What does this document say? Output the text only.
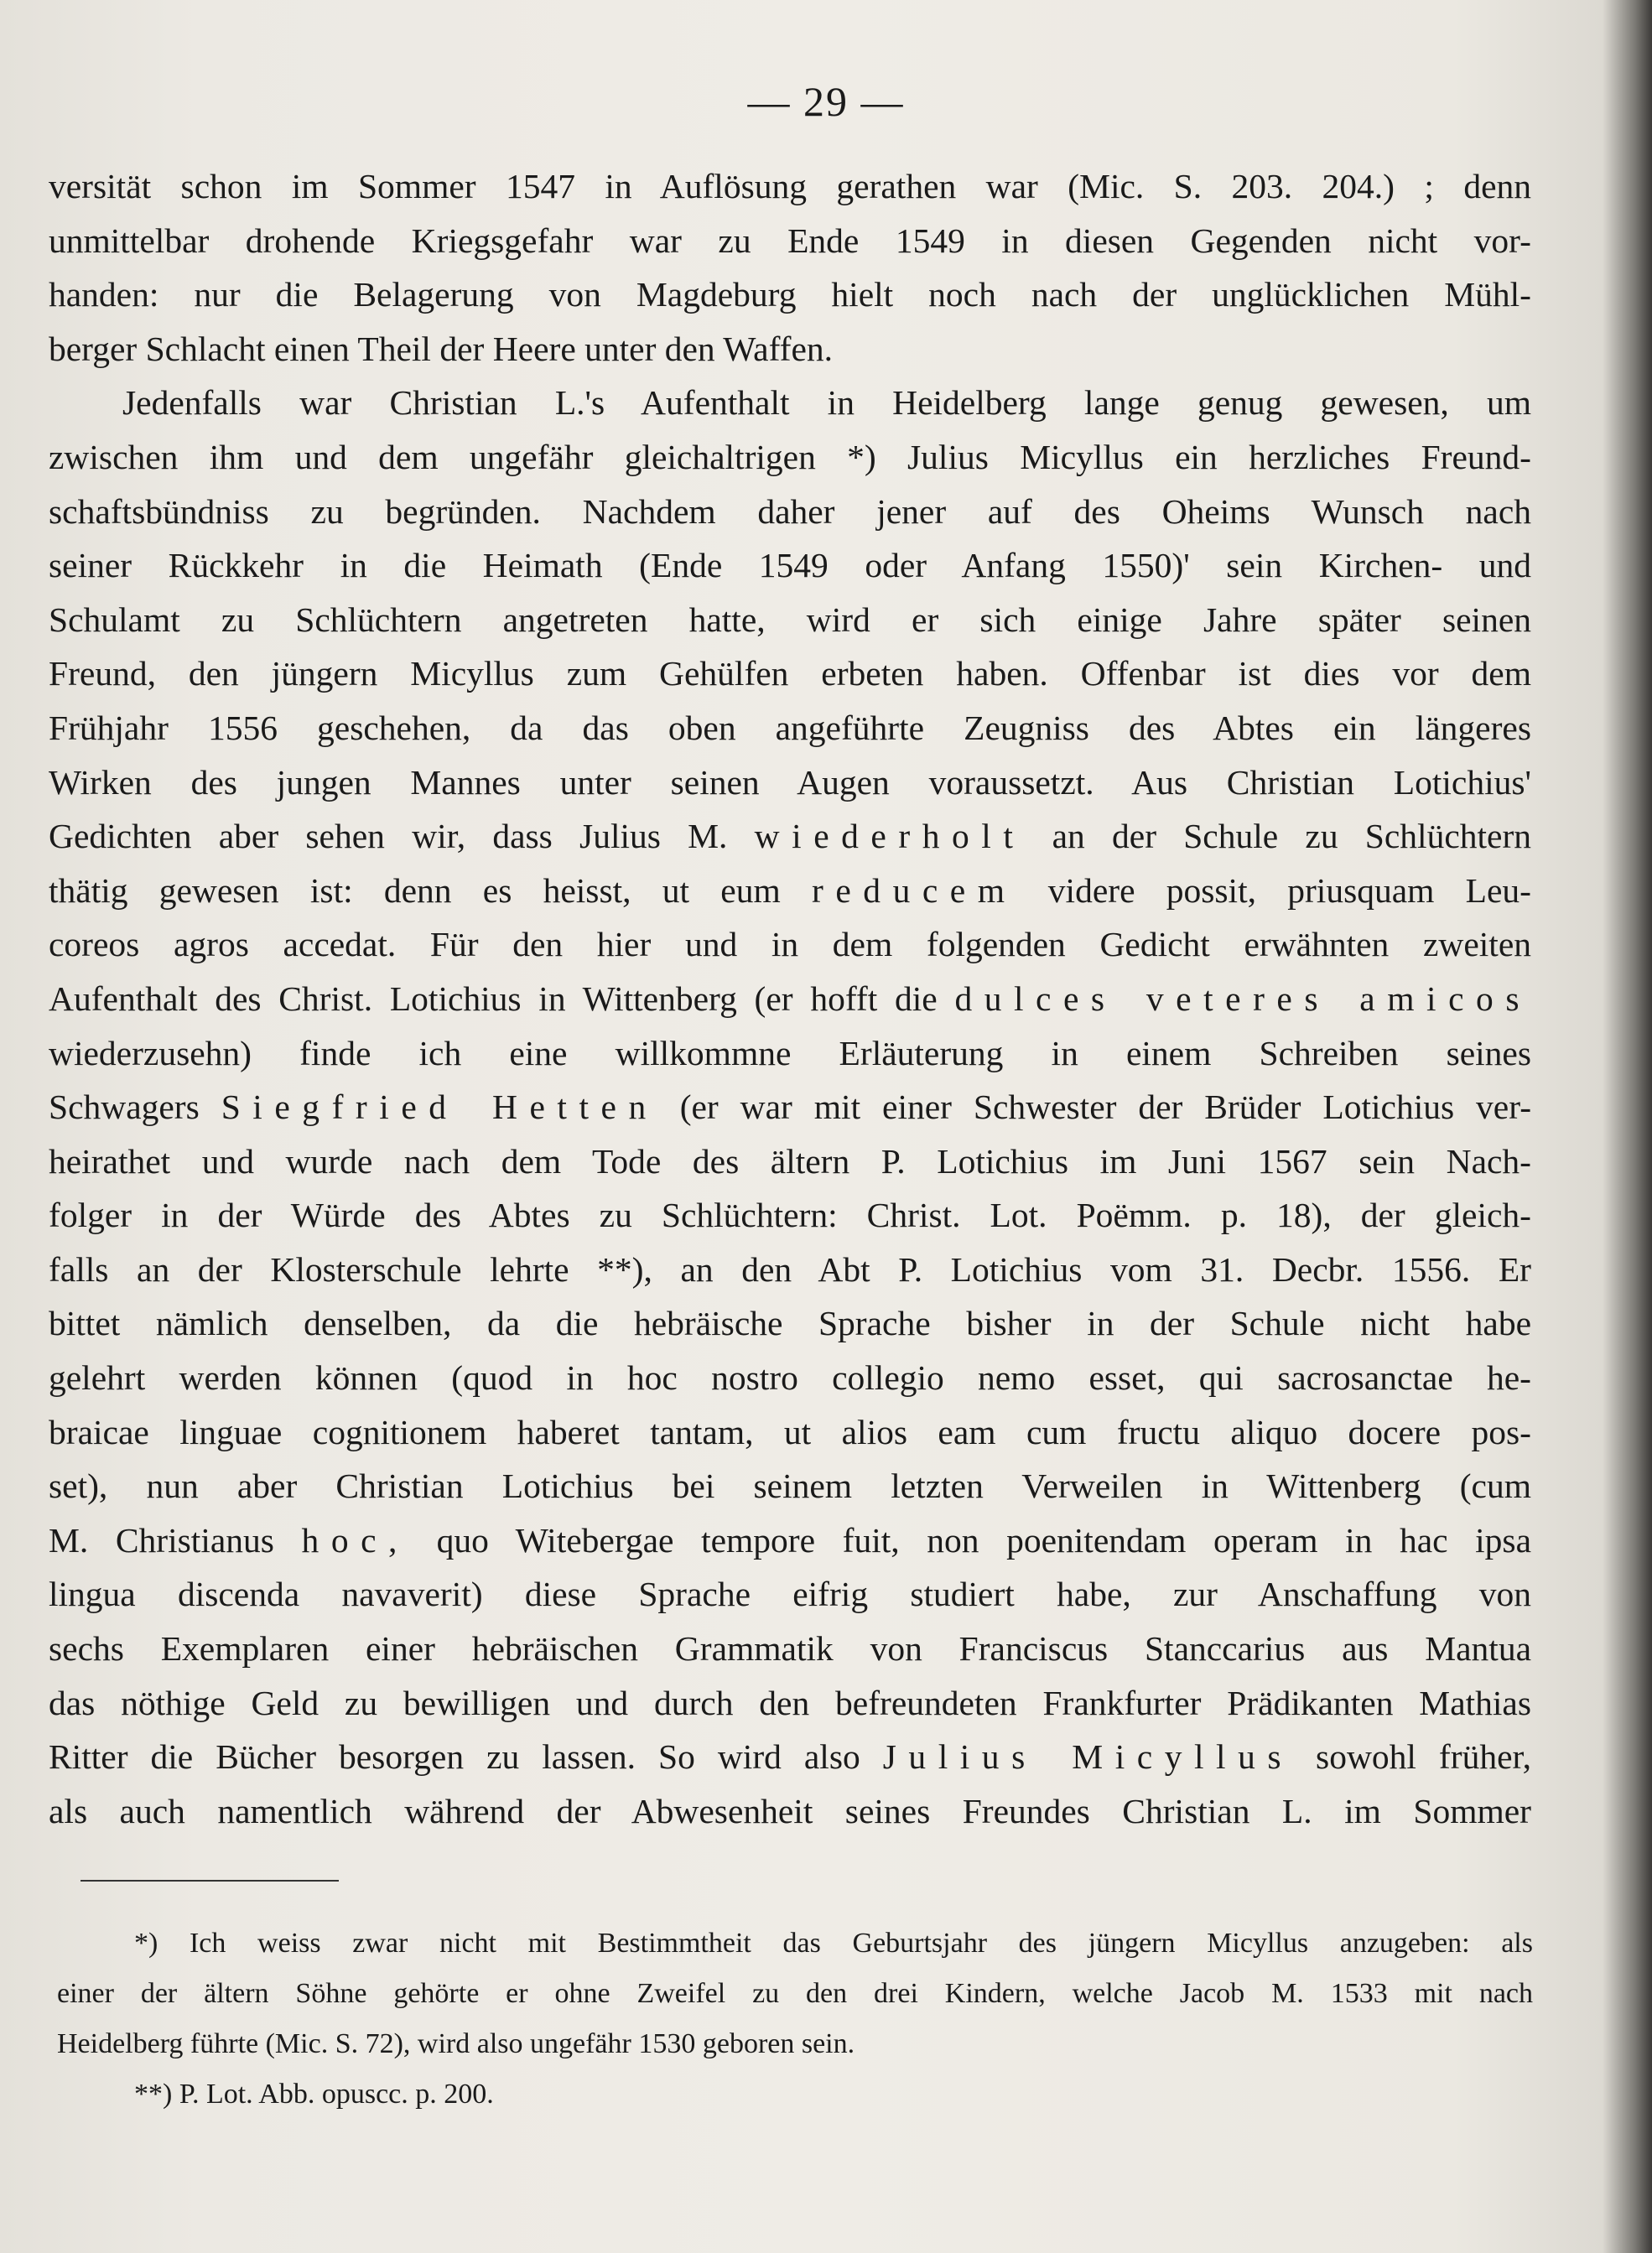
— 29 —
versität schon im Sommer 1547 in Auflösung gerathen war (Mic. S. 203. 204.) ; denn
unmittelbar drohende Kriegsgefahr war zu Ende 1549 in diesen Gegenden nicht vor-
handen: nur die Belagerung von Magdeburg hielt noch nach der unglücklichen Mühl-
berger Schlacht einen Theil der Heere unter den Waffen.
Jedenfalls war Christian L.'s Aufenthalt in Heidelberg lange genug gewesen, um
zwischen ihm und dem ungefähr gleichaltrigen *) Julius Micyllus ein herzliches Freund-
schaftsbündniss zu begründen. Nachdem daher jener auf des Oheims Wunsch nach
seiner Rückkehr in die Heimath (Ende 1549 oder Anfang 1550)' sein Kirchen- und
Schulamt zu Schlüchtern angetreten hatte, wird er sich einige Jahre später seinen
Freund, den jüngern Micyllus zum Gehülfen erbeten haben. Offenbar ist dies vor dem
Frühjahr 1556 geschehen, da das oben angeführte Zeugniss des Abtes ein längeres
Wirken des jungen Mannes unter seinen Augen voraussetzt. Aus Christian Lotichius'
Gedichten aber sehen wir, dass Julius M. wiederholt an der Schule zu Schlüchtern
thätig gewesen ist: denn es heisst, ut eum reducem videre possit, priusquam Leu-
coreos agros accedat. Für den hier und in dem folgenden Gedicht erwähnten zweiten
Aufenthalt des Christ. Lotichius in Wittenberg (er hofft die dulces veteres amicos
wiederzusehn) finde ich eine willkommne Erläuterung in einem Schreiben seines
Schwagers Siegfried Hetten (er war mit einer Schwester der Brüder Lotichius ver-
heirathet und wurde nach dem Tode des ältern P. Lotichius im Juni 1567 sein Nach-
folger in der Würde des Abtes zu Schlüchtern: Christ. Lot. Poëmm. p. 18), der gleich-
falls an der Klosterschule lehrte **), an den Abt P. Lotichius vom 31. Decbr. 1556. Er
bittet nämlich denselben, da die hebräische Sprache bisher in der Schule nicht habe
gelehrt werden können (quod in hoc nostro collegio nemo esset, qui sacrosanctae he-
braicae linguae cognitionem haberet tantam, ut alios eam cum fructu aliquo docere pos-
set), nun aber Christian Lotichius bei seinem letzten Verweilen in Wittenberg (cum
M. Christianus hoc, quo Witebergae tempore fuit, non poenitendam operam in hac ipsa
lingua discenda navaverit) diese Sprache eifrig studiert habe, zur Anschaffung von
sechs Exemplaren einer hebräischen Grammatik von Franciscus Stanccarius aus Mantua
das nöthige Geld zu bewilligen und durch den befreundeten Frankfurter Prädikanten Mathias
Ritter die Bücher besorgen zu lassen. So wird also Julius Micyllus sowohl früher,
als auch namentlich während der Abwesenheit seines Freundes Christian L. im Sommer
*) Ich weiss zwar nicht mit Bestimmtheit das Geburtsjahr des jüngern Micyllus anzugeben: als
einer der ältern Söhne gehörte er ohne Zweifel zu den drei Kindern, welche Jacob M. 1533 mit nach
Heidelberg führte (Mic. S. 72), wird also ungefähr 1530 geboren sein.
**) P. Lot. Abb. opuscc. p. 200.
